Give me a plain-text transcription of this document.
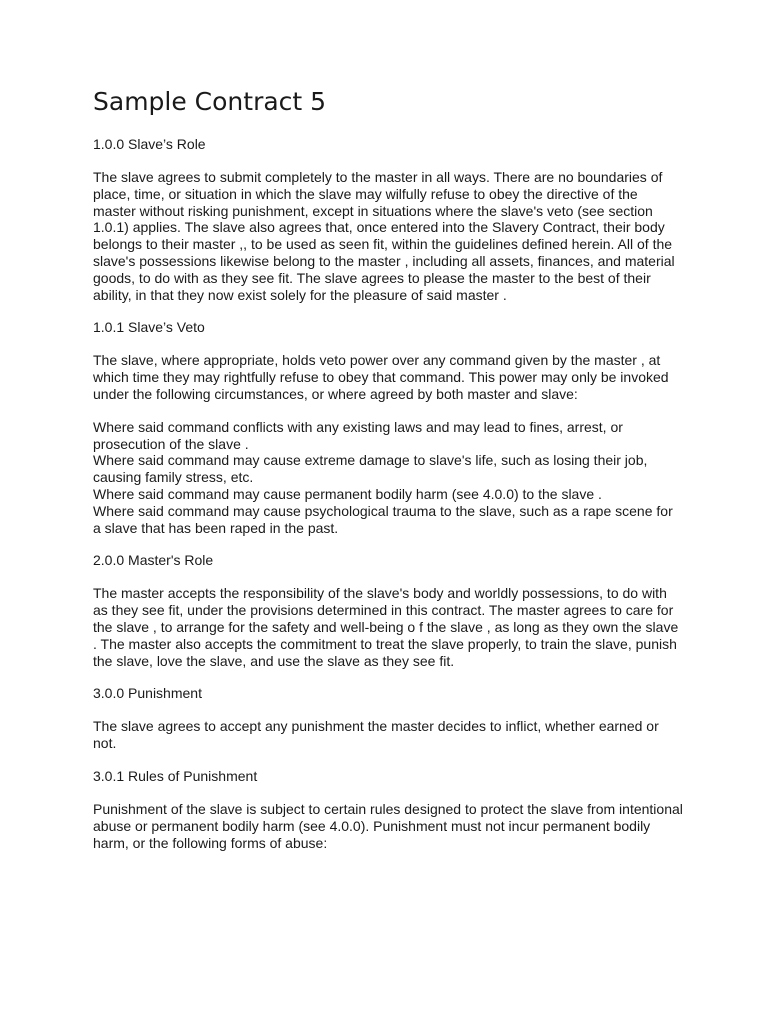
Sample Contract 5
1.0.0 Slave’s Role

The slave agrees to submit completely to the master in all ways. There are no boundaries of place, time, or situation in which the slave may wilfully refuse to obey the directive of the master without risking punishment, except in situations where the slave's veto (see section 1.0.1) applies. The slave also agrees that, once entered into the Slavery Contract, their body belongs to their master ,, to be used as seen fit, within the guidelines defined herein. All of the slave's possessions likewise belong to the master , including all assets, finances, and material goods, to do with as they see fit. The slave agrees to please the master to the best of their ability, in that they now exist solely for the pleasure of said master .

1.0.1 Slave’s Veto

The slave, where appropriate, holds veto power over any command given by the master , at which time they may rightfully refuse to obey that command. This power may only be invoked under the following circumstances, or where agreed by both master and slave:

Where said command conflicts with any existing laws and may lead to fines, arrest, or prosecution of the slave .
Where said command may cause extreme damage to slave's life, such as losing their job, causing family stress, etc.
Where said command may cause permanent bodily harm (see 4.0.0) to the slave .
Where said command may cause psychological trauma to the slave, such as a rape scene for a slave that has been raped in the past.
2.0.0 Master's Role

The master accepts the responsibility of the slave's body and worldly possessions, to do with as they see fit, under the provisions determined in this contract. The master agrees to care for the slave , to arrange for the safety and well-being o f the slave , as long as they own the slave . The master also accepts the commitment to treat the slave properly, to train the slave, punish the slave, love the slave, and use the slave as they see fit.

3.0.0 Punishment

The slave agrees to accept any punishment the master decides to inflict, whether earned or not.

3.0.1 Rules of Punishment

Punishment of the slave is subject to certain rules designed to protect the slave from intentional abuse or permanent bodily harm (see 4.0.0). Punishment must not incur permanent bodily harm, or the following forms of abuse:
